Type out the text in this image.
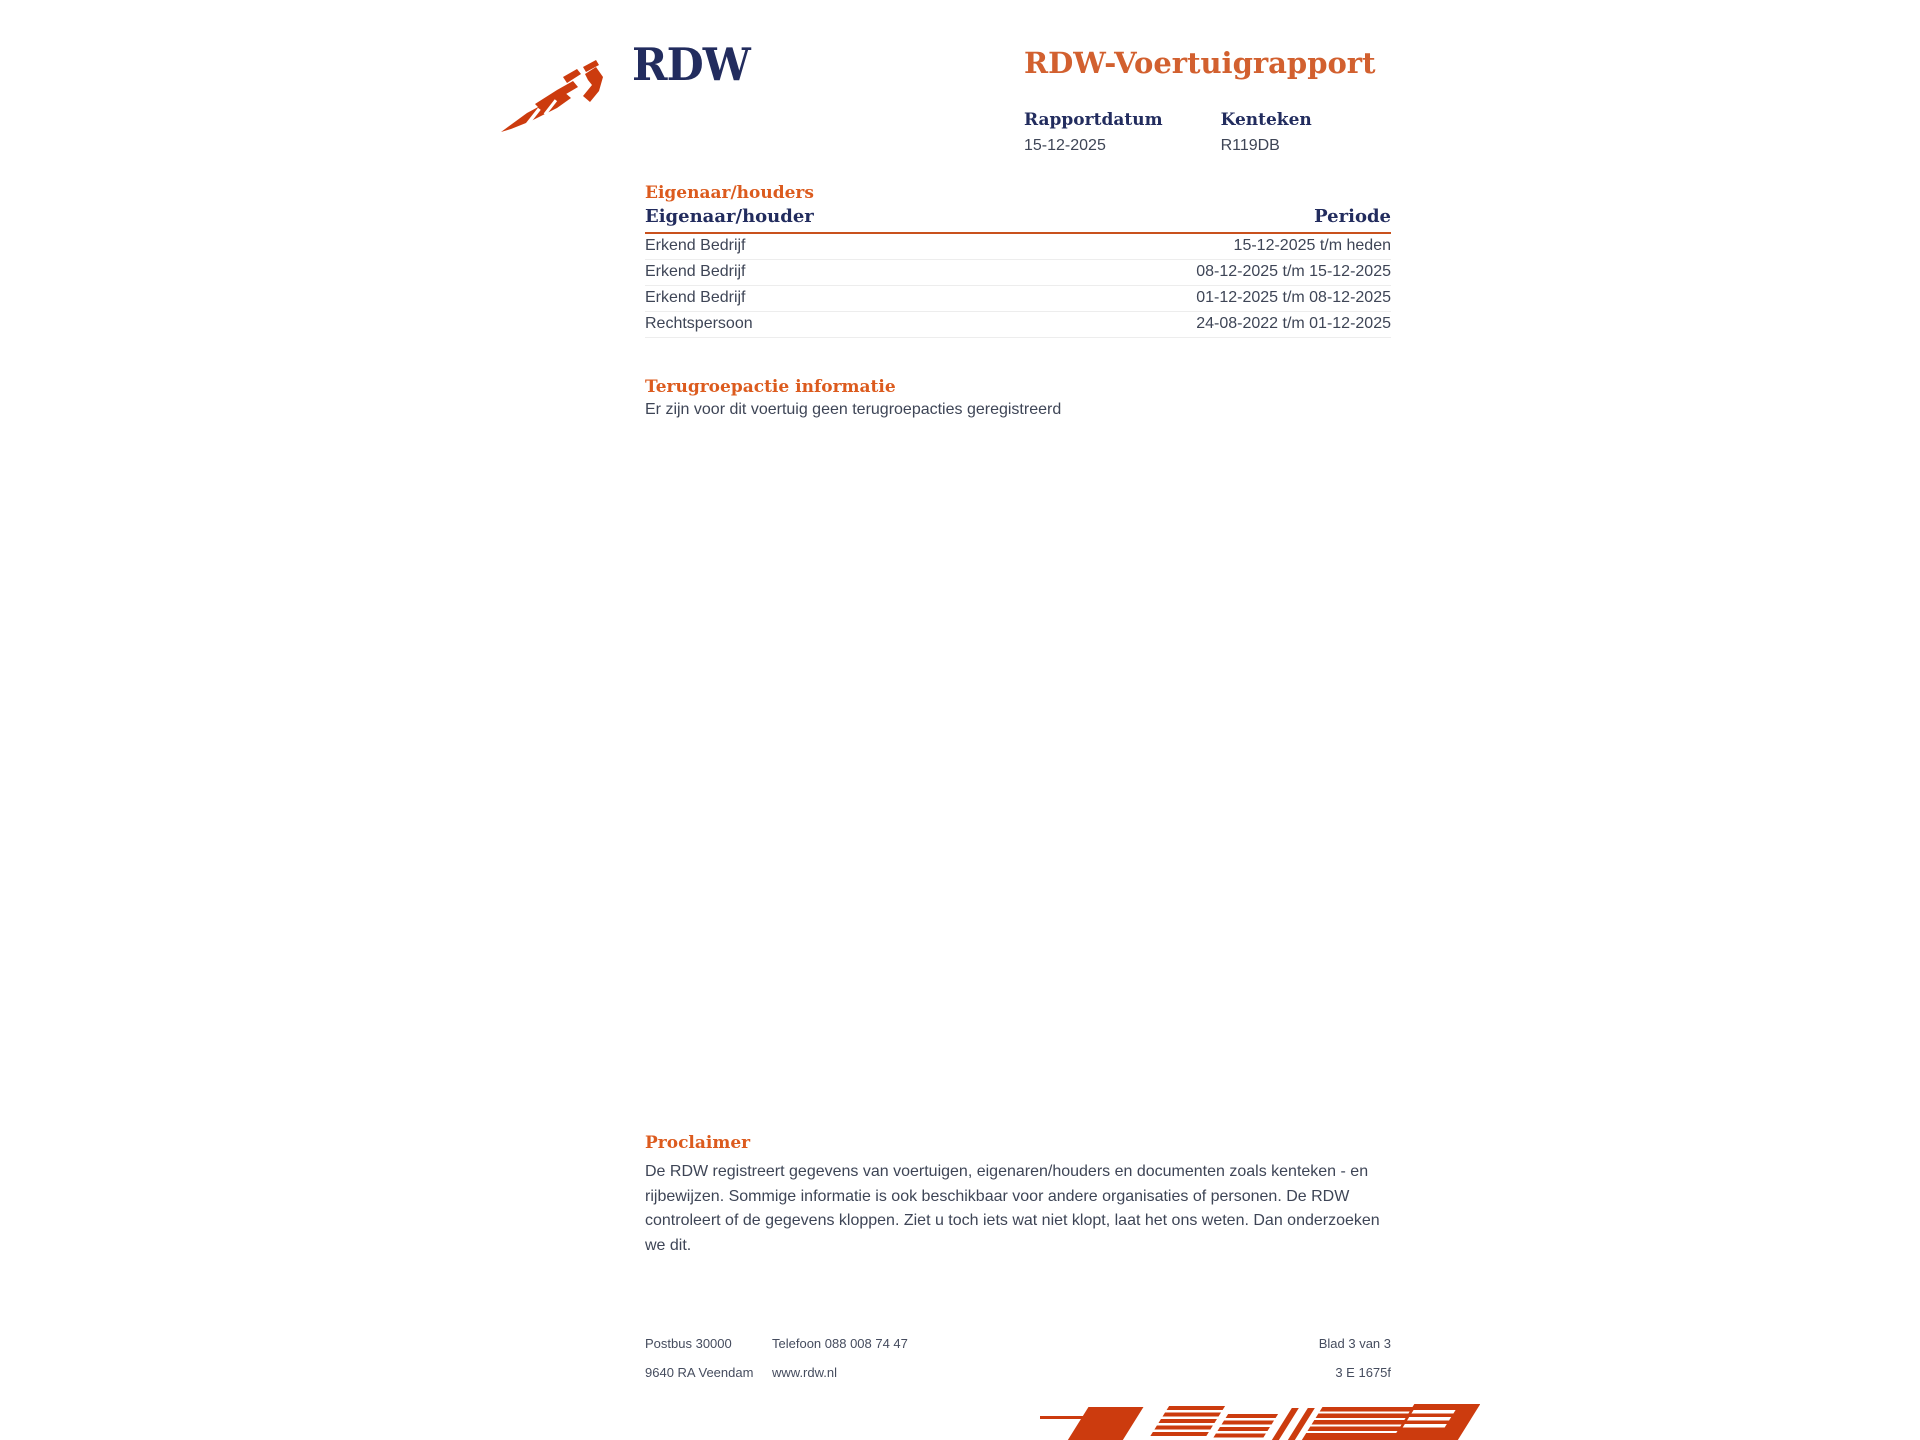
RDW	RDW-Voertuigrapport
Rapportdatum
15-12-2025
Kenteken
R119DB
Eigenaar/houders
Eigenaar/houder	Periode
Erkend Bedrijf	15-12-2025 t/m heden
Erkend Bedrijf	08-12-2025 t/m 15-12-2025
Erkend Bedrijf	01-12-2025 t/m 08-12-2025
Rechtspersoon	24-08-2022 t/m 01-12-2025
Terugroepactie informatie
Er zijn voor dit voertuig geen terugroepacties geregistreerd
Proclaimer

De RDW registreert gegevens van voertuigen, eigenaren/houders en documenten zoals kenteken - en rijbewijzen. Sommige informatie is ook beschikbaar voor andere organisaties of personen. De RDW controleert of de gegevens kloppen. Ziet u toch iets wat niet klopt, laat het ons weten. Dan onderzoeken we dit.

Postbus 30000	Telefoon 088 008 74 47	Blad 3 van 3
9640 RA Veendam	www.rdw.nl	3 E 1675f
